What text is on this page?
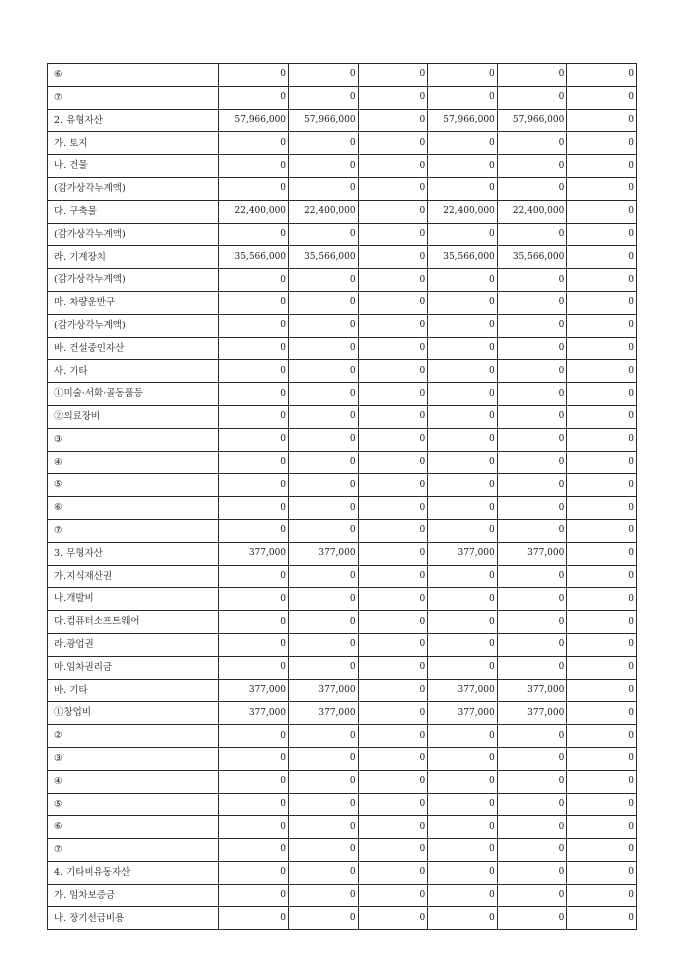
⑥	0	0	0	0	0	0
⑦	0	0	0	0	0	0
2. 유형자산	57,966,000	57,966,000	0	57,966,000	57,966,000	0
가. 토지	0	0	0	0	0	0
나. 건물	0	0	0	0	0	0
(감가상각누계액)	0	0	0	0	0	0
다. 구축물	22,400,000	22,400,000	0	22,400,000	22,400,000	0
(감가상각누계액)	0	0	0	0	0	0
라. 기계장치	35,566,000	35,566,000	0	35,566,000	35,566,000	0
(감가상각누계액)	0	0	0	0	0	0
마. 차량운반구	0	0	0	0	0	0
(감가상각누계액)	0	0	0	0	0	0
바. 건설중인자산	0	0	0	0	0	0
사. 기타	0	0	0	0	0	0
①미술·서화·골동품등	0	0	0	0	0	0
②의료장비	0	0	0	0	0	0
③	0	0	0	0	0	0
④	0	0	0	0	0	0
⑤	0	0	0	0	0	0
⑥	0	0	0	0	0	0
⑦	0	0	0	0	0	0
3. 무형자산	377,000	377,000	0	377,000	377,000	0
가.지식재산권	0	0	0	0	0	0
나.개발비	0	0	0	0	0	0
다.컴퓨터소프트웨어	0	0	0	0	0	0
라.광업권	0	0	0	0	0	0
마.임차권리금	0	0	0	0	0	0
바. 기타	377,000	377,000	0	377,000	377,000	0
①창업비	377,000	377,000	0	377,000	377,000	0
②	0	0	0	0	0	0
③	0	0	0	0	0	0
④	0	0	0	0	0	0
⑤	0	0	0	0	0	0
⑥	0	0	0	0	0	0
⑦	0	0	0	0	0	0
4. 기타비유동자산	0	0	0	0	0	0
가. 임차보증금	0	0	0	0	0	0
나. 장기선급비용	0	0	0	0	0	0
